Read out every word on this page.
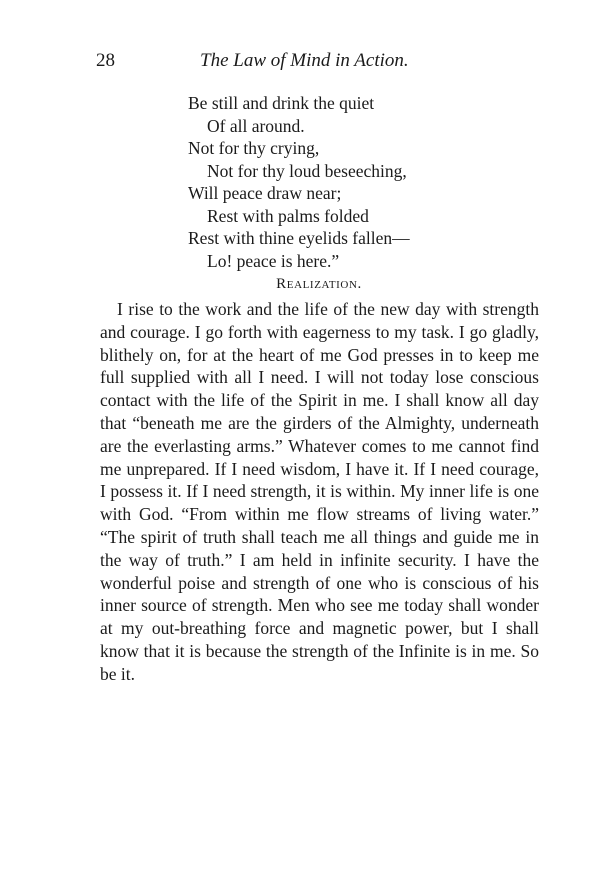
28	The Law of Mind in Action.
Be still and drink the quiet
Of all around.
Not for thy crying,
Not for thy loud beseeching,
Will peace draw near;
Rest with palms folded
Rest with thine eyelids fallen—
Lo! peace is here.”
Realization.

I rise to the work and the life of the new day with strength and courage. I go forth with eagerness to my task. I go gladly, blithely on, for at the heart of me God presses in to keep me full supplied with all I need. I will not today lose conscious contact with the life of the Spirit in me. I shall know all day that “beneath me are the girders of the Almighty, underneath are the everlasting arms.” Whatever comes to me cannot find me unprepared. If I need wisdom, I have it. If I need courage, I possess it. If I need strength, it is within. My inner life is one with God. “From within me flow streams of living water.” “The spirit of truth shall teach me all things and guide me in the way of truth.” I am held in infinite security. I have the wonderful poise and strength of one who is conscious of his inner source of strength. Men who see me today shall wonder at my out-breathing force and magnetic power, but I shall know that it is because the strength of the Infinite is in me. So be it.
